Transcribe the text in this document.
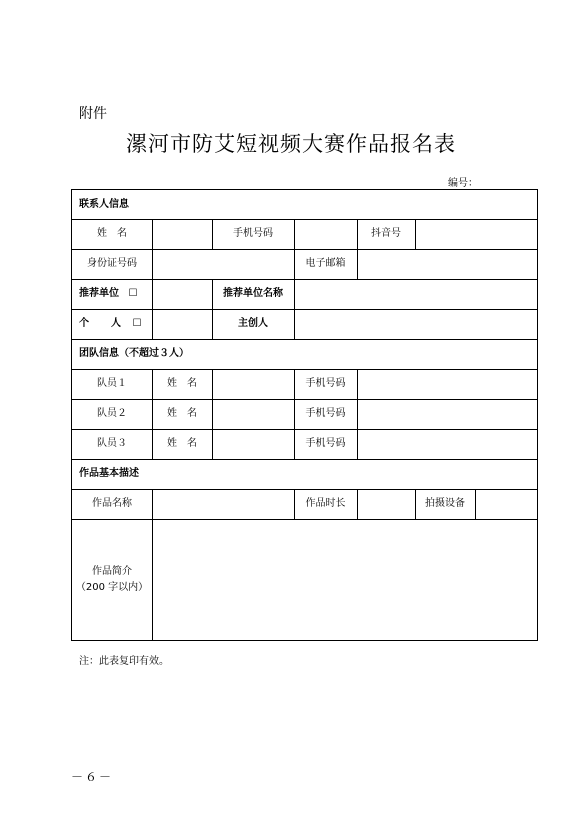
附件
漯河市防艾短视频大赛作品报名表
编号：
联系人信息
姓　名	手机号码	抖音号
身份证号码	电子邮箱
推荐单位 ☐	推荐单位名称
个　人 ☐	主创人
团队信息（不超过３人）
队员１	姓　名	手机号码
队员２	姓　名	手机号码
队员３	姓　名	手机号码
作品基本描述
作品名称	作品时长	拍摄设备
作品简介
（200 字以内）
注：此表复印有效。
－６－
